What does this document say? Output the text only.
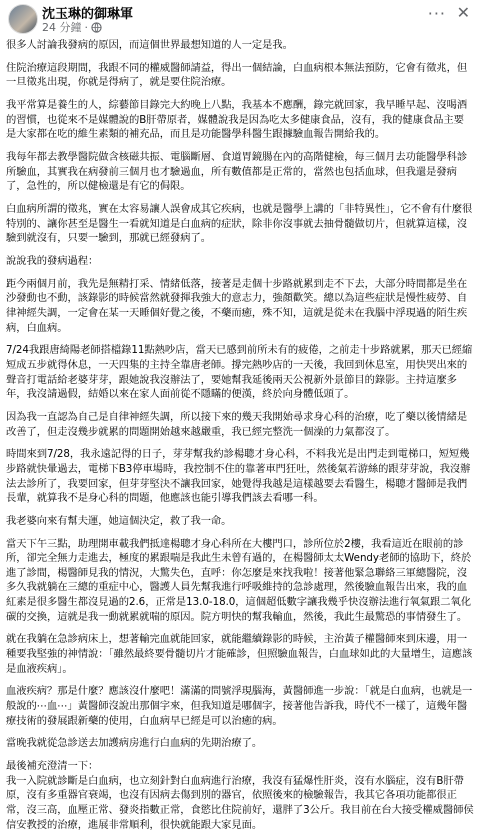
沈玉琳的御琳軍
24 分鐘 ·
··· ✕

很多人討論我發病的原因，而這個世界最想知道的人一定是我。

住院治療這段期間，我跟不同的權威醫師請益，得出一個結論，白血病根本無法預防，它會有徵兆，但一旦徵兆出現，你就是得病了，就是要住院治療。

我平常算是養生的人，綜藝節目錄完大約晚上八點，我基本不應酬，錄完就回家，我早睡早起、沒喝酒的習慣，也從來不是媒體說的B肝帶原者，媒體說我是因為吃太多健康食品，沒有，我的健康食品主要是大家都在吃的維生素類的補充品，而且是功能醫學科醫生跟據驗血報告開給我的。

我每年都去教學醫院做含核磁共振、電腦斷層、食道胃鏡腸在內的高階健檢，每三個月去功能醫學科診所驗血，其實我在病發前三個月也才驗過血，所有數值都是正常的，當然也包括血球，但我還是發病了，急性的，所以健檢還是有它的侷限。

白血病所謂的徵兆，實在太容易讓人誤會成其它疾病，也就是醫學上講的「非特異性」，它不會有什麼很特別的、讓你甚至是醫生一看就知道是白血病的症狀，除非你沒事就去抽骨髓做切片，但就算這樣，沒驗到就沒有，只要一驗到，那就已經發病了。

說說我的發病過程：

距今兩個月前，我先是無精打采、情緒低落，接著是走個十步路就累到走不下去，大部分時間都是坐在沙發動也不動，該錄影的時候當然就發揮我強大的意志力，強顏歡笑。總以為這些症狀是慢性疲勞、自律神經失調，一定會在某一天睡個好覺之後，不藥而癒，殊不知，這就是從未在我腦中浮現過的陌生疾病，白血病。

7/24我跟唐綺陽老師搭檔錄11點熱吵店，當天已感到前所未有的疲倦，之前走十步路就累，那天已經縮短成五步就得休息，一天四集的主持全靠唐老師。撐完熱吵店的一天後，我回到休息室，用快哭出來的聲音打電話給老婆芽芽，跟她說我沒辦法了，要她幫我延後兩天公視新外景節目的錄影。主持這麼多年，我沒請過假，結婚以來在家人面前從不隱瞞的便漢，終於向身體低頭了。

因為我一直認為自己是自律神經失調，所以接下來的幾天我開始尋求身心科的治療，吃了藥以後情緒是改善了，但走沒幾步就累的問題開始越來越嚴重，我已經完整洗一個澡的力氣都沒了。

時間來到7/28，我永遠記得的日子，芽芽幫我約診楊聰才身心科，不料我光是出門走到電梯口，短短幾步路就快暈過去，電梯下B3停車場時，我控制不住的靠著車門狂吐，然後氣若游絲的跟芽芽說，我沒辦法去診所了，我要回家，但芽芽堅決不讓我回家，她覺得我越是這樣越要去看醫生，楊聰才醫師是我們長輩，就算我不是身心科的問題，他應該也能引導我們該去看哪一科。

我老婆向來有幫夫運，她這個決定，救了我一命。

當天下午三點，助理開車載我們抵達楊聰才身心科所在大樓門口，診所位於2樓，我看這近在眼前的診所，卻完全無力走進去，極度的累跟喘是我此生未曾有過的，在楊醫師太太Wendy老師的協助下，終於進了診間，楊醫師見我的情況，大驚失色，直呼：你怎麼是來找我啦！接著他緊急聯絡三軍總醫院，沒多久我就躺在三總的重症中心，醫護人員先幫我進行呼吸維持的急診處理，然後驗血報告出來，我的血紅素是很多醫生都沒見過的2.6，正常是13.0-18.0，這個超低數字讓我幾乎快沒辦法進行氧氣跟二氧化碳的交換，這就是我一動就累就喘的原因。院方明快的幫我輸血，然後，我此生最驚恐的事情發生了。

就在我躺在急診病床上，想著輸完血就能回家，就能繼續錄影的時候，主治黃子權醫師來到床邊，用一種要我堅強的神情說：「雖然最終要骨髓切片才能確診，但照驗血報告，白血球如此的大量增生，這應該是血液疾病」。

血液疾病？那是什麼？應該沒什麼吧！滿滿的問號浮現腦海，黃醫師進一步說：「就是白血病，也就是一般說的⋯血⋯」黃醫師沒說出那個字來，但我知道是哪個字，接著他告訴我，時代不一樣了，這幾年醫療技術的發展跟新藥的使用，白血病早已經是可以治癒的病。

當晚我就從急診送去加護病房進行白血病的先期治療了。

最後補充澄清一下：
我一入院就診斷是白血病，也立刻針對白血病進行治療，我沒有猛爆性肝炎，沒有水腦症，沒有B肝帶原，沒有多重器官衰竭，也沒有因病去傷到別的器官，依照後來的檢驗報告，我其它各項功能都很正常，沒三高，血壓正常、發炎指數正常，食慾比住院前好，還胖了3公斤。我目前在台大接受權威醫師侯信安教授的治療，進展非常順利，很快就能跟大家見面。
